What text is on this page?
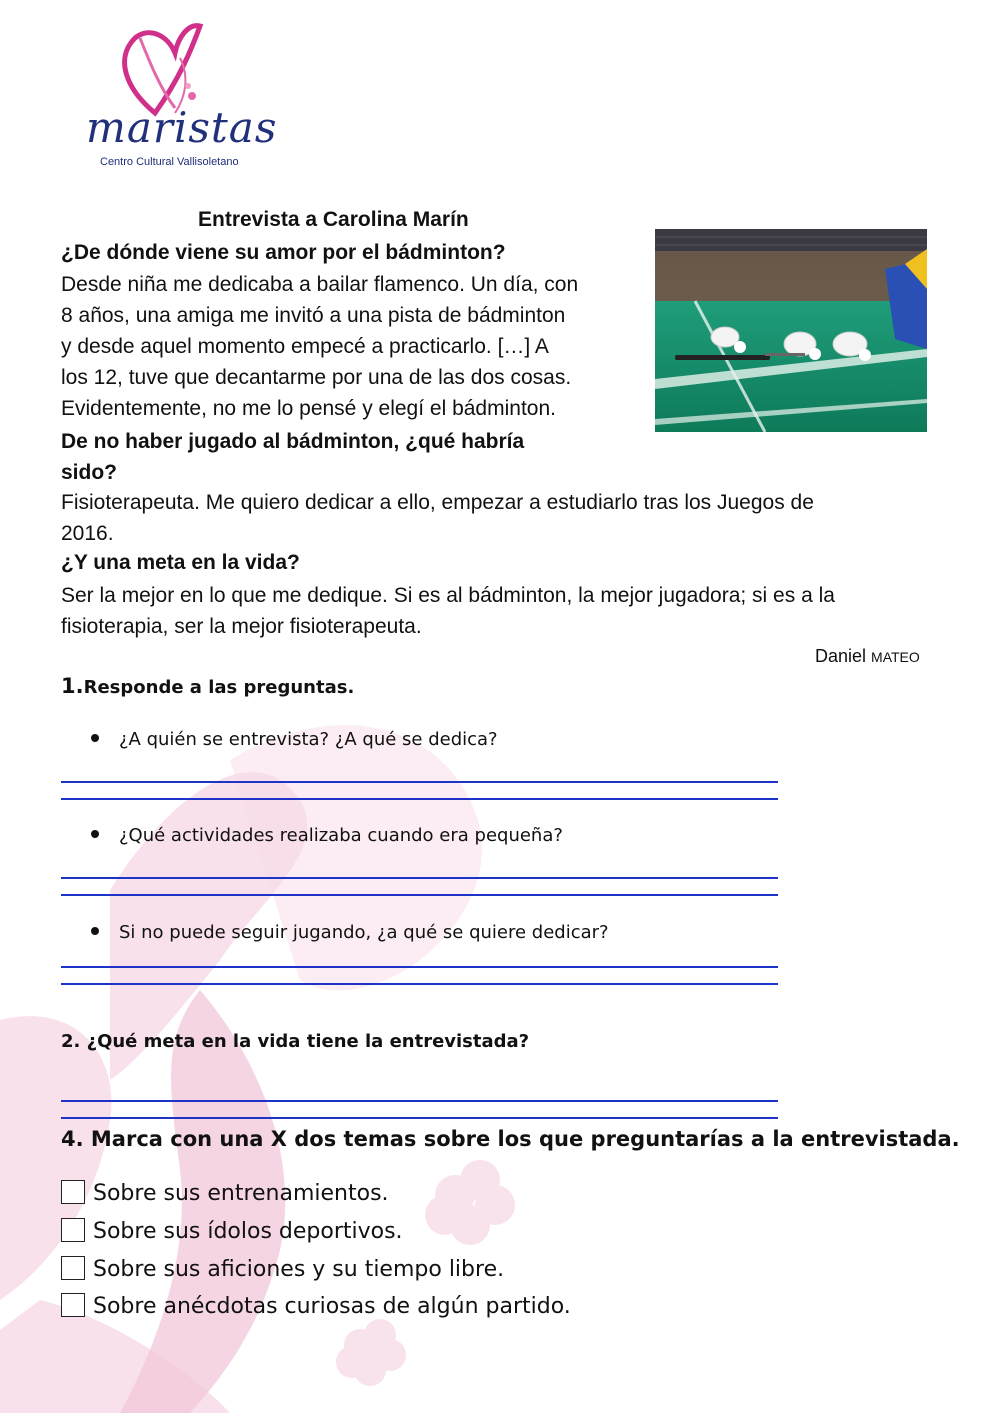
maristas
Centro Cultural Vallisoletano
Entrevista a Carolina Marín
¿De dónde viene su amor por el bádminton?
Desde niña me dedicaba a bailar flamenco. Un día, con
8 años, una amiga me invitó a una pista de bádminton
y desde aquel momento empecé a practicarlo. […] A
los 12, tuve que decantarme por una de las dos cosas.
Evidentemente, no me lo pensé y elegí el bádminton.
De no haber jugado al bádminton, ¿qué habría
sido?
Fisioterapeuta. Me quiero dedicar a ello, empezar a estudiarlo tras los Juegos de
2016.
¿Y una meta en la vida?
Ser la mejor en lo que me dedique. Si es al bádminton, la mejor jugadora; si es a la
fisioterapia, ser la mejor fisioterapeuta.
Daniel MATEO
1.Responde a las preguntas.
¿A quién se entrevista? ¿A qué se dedica?
¿Qué actividades realizaba cuando era pequeña?
Si no puede seguir jugando, ¿a qué se quiere dedicar?
2. ¿Qué meta en la vida tiene la entrevistada?
4. Marca con una X dos temas sobre los que preguntarías a la entrevistada.
Sobre sus entrenamientos.
Sobre sus ídolos deportivos.
Sobre sus aficiones y su tiempo libre.
Sobre anécdotas curiosas de algún partido.
